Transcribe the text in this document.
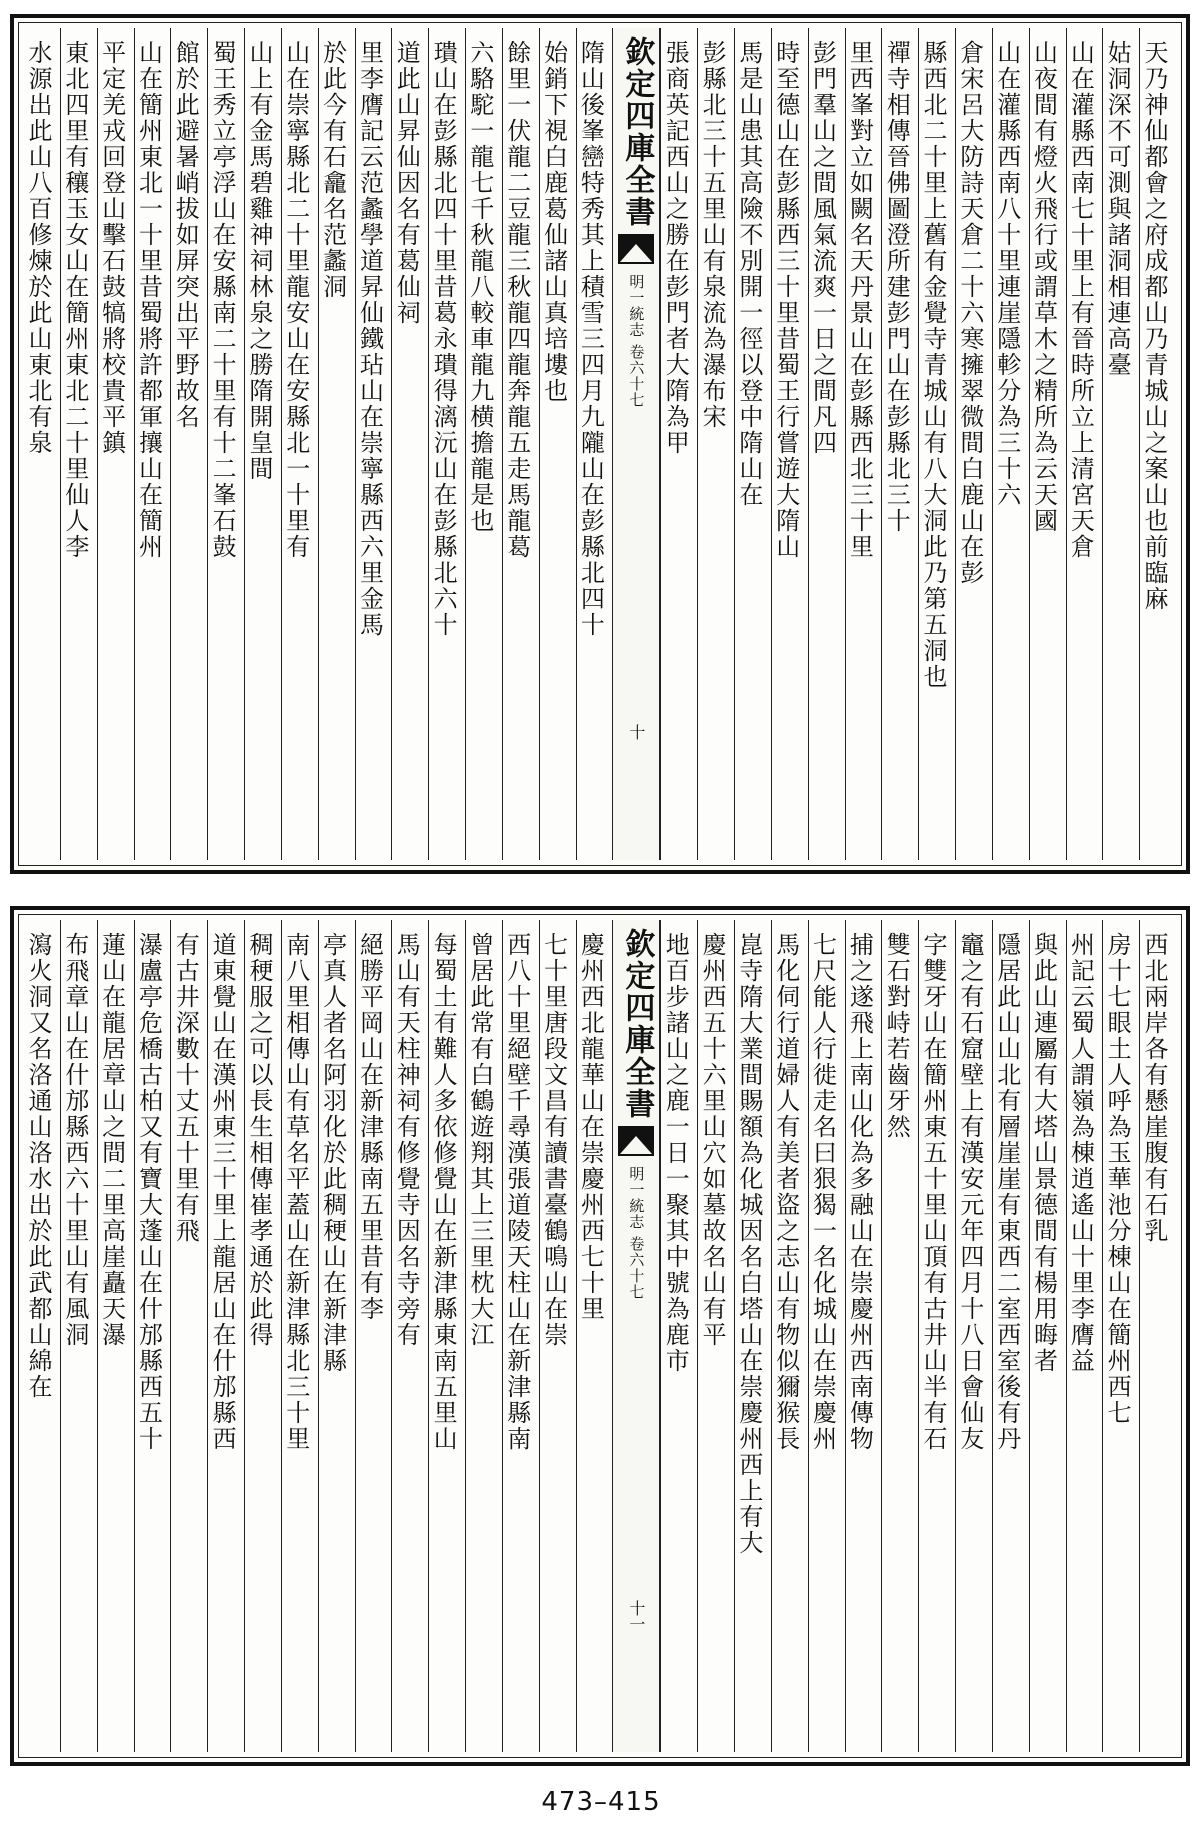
天乃神仙都會之府成都山乃青城山之案山也前臨麻
姑洞深不可測與諸洞相連高臺
山在灌縣西南七十里上有晉時所立上清宮天倉
山夜間有燈火飛行或謂草木之精所為云天國
山在灌縣西南八十里連崖隱軫分為三十六
倉宋呂大防詩天倉二十六寒擁翠微間白鹿山在彭
縣西北二十里上舊有金覺寺青城山有八大洞此乃第五洞也
禪寺相傳晉佛圖澄所建彭門山在彭縣北三十
里西峯對立如闕名天丹景山在彭縣西北三十里
彭門羣山之間風氣流爽一日之間凡四
時至德山在彭縣西三十里昔蜀王行嘗遊大隋山
馬是山患其高險不別開一徑以登中隋山在
彭縣北三十五里山有泉流為瀑布宋
張商英記西山之勝在彭門者大隋為甲
欽定四庫全書
明一統志 卷六十七
十
隋山後峯巒特秀其上積雪三四月九隴山在彭縣北四十
始銷下視白鹿葛仙諸山真培塿也
餘里一伏龍二豆龍三秋龍四龍奔龍五走馬龍葛
六駱駝一龍七千秋龍八較車龍九横擔龍是也
璝山在彭縣北四十里昔葛永璝得漓沅山在彭縣北六十
道此山昇仙因名有葛仙祠
里李膺記云范蠡學道昇仙鐵玷山在崇寧縣西六里金馬
於此今有石龕名范蠡洞
山在崇寧縣北二十里龍安山在安縣北一十里有
山上有金馬碧雞神祠林泉之勝隋開皇間
蜀王秀立亭浮山在安縣南二十里有十二峯石鼓
館於此避暑峭拔如屏突出平野故名
山在簡州東北一十里昔蜀將許都軍攘山在簡州
平定羌戎回登山擊石鼓犒將校貴平鎮
東北四里有穰玉女山在簡州東北二十里仙人李
水源出此山八百修煉於此山東北有泉
西北兩岸各有懸崖腹有石乳
房十七眼土人呼為玉華池分棟山在簡州西七
州記云蜀人謂嶺為棟逍遙山十里李膺益
與此山連屬有大塔山景德間有楊用晦者
隱居此山山北有層崖崖有東西二室西室後有丹
竈之有石窟壁上有漢安元年四月十八日會仙友
字雙牙山在簡州東五十里山頂有古井山半有石
雙石對峙若齒牙然
捕之遂飛上南山化為多融山在崇慶州西南傳物
七尺能人行徙走名曰狠猲一名化城山在崇慶州
馬化伺行道婦人有美者盜之志山有物似獮猴長
崑寺隋大業間賜額為化城因名白塔山在崇慶州西上有大
慶州西五十六里山穴如墓故名山有平
地百步諸山之鹿一日一聚其中號為鹿市
欽定四庫全書
明一統志 卷六十七
十一
慶州西北龍華山在崇慶州西七十里
七十里唐段文昌有讀書臺鶴鳴山在崇
西八十里絕壁千尋漢張道陵天柱山在新津縣南
曾居此常有白鶴遊翔其上三里枕大江
每蜀土有難人多依修覺山在新津縣東南五里山
馬山有天柱神祠有修覺寺因名寺旁有
絕勝平岡山在新津縣南五里昔有李
亭真人者名阿羽化於此稠稉山在新津縣
南八里相傳山有草名平蓋山在新津縣北三十里
稠稉服之可以長生相傳崔孝通於此得
道東覺山在漢州東三十里上龍居山在什邡縣西
有古井深數十丈五十里有飛
瀑盧亭危橋古柏又有寶大蓬山在什邡縣西五十
蓮山在龍居章山之間二里高崖矗天瀑
布飛章山在什邡縣西六十里山有風洞
瀉火洞又名洛通山洛水出於此武都山綿在
473–415
